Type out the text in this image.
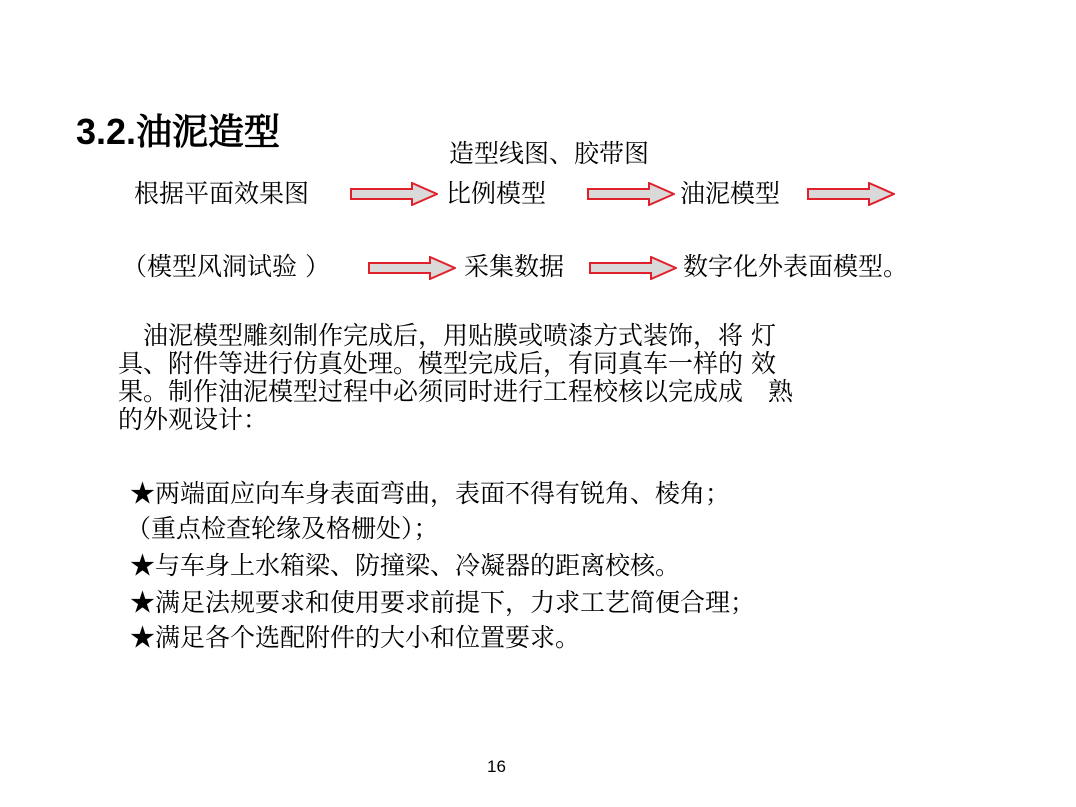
3.2.油泥造型
造型线图、胶带图
根据平面效果图	比例模型	油泥模型
（模型风洞试验 ）	采集数据	数字化外表面模型。
　油泥模型雕刻制作完成后，用贴膜或喷漆方式装饰，将 灯
具、附件等进行仿真处理。模型完成后，有同真车一样的 效
果。制作油泥模型过程中必须同时进行工程校核以完成成　熟
的外观设计：
★两端面应向车身表面弯曲，表面不得有锐角、棱角；
（重点检查轮缘及格栅处）；
★与车身上水箱梁、防撞梁、冷凝器的距离校核。
★满足法规要求和使用要求前提下，力求工艺简便合理；
★满足各个选配附件的大小和位置要求。
16
